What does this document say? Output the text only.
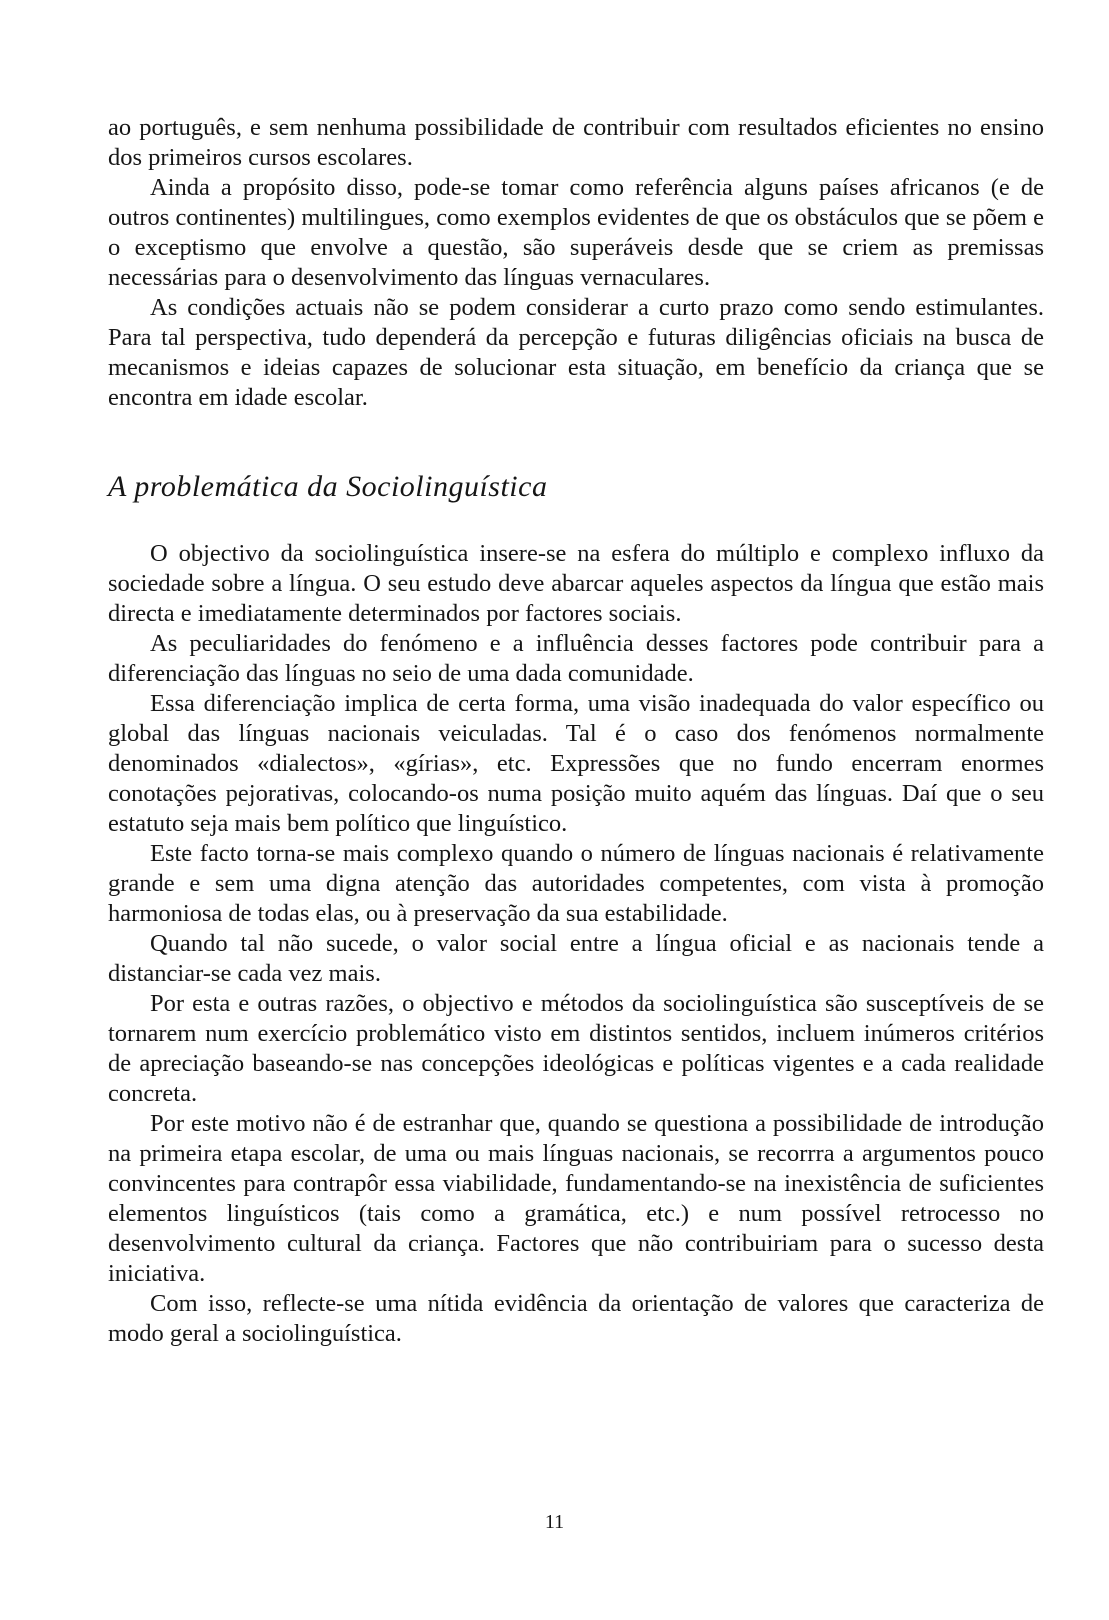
ao português, e sem nenhuma possibilidade de contribuir com resultados eficientes no ensino dos primeiros cursos escolares.

Ainda a propósito disso, pode-se tomar como referência alguns países africanos (e de outros continentes) multilingues, como exemplos evidentes de que os obstáculos que se põem e o exceptismo que envolve a questão, são superáveis desde que se criem as premissas necessárias para o desenvolvimento das línguas vernaculares.

As condições actuais não se podem considerar a curto prazo como sendo estimulantes. Para tal perspectiva, tudo dependerá da percepção e futuras diligências oficiais na busca de mecanismos e ideias capazes de solucionar esta situação, em benefício da criança que se encontra em idade escolar.

A problemática da Sociolinguística

O objectivo da sociolinguística insere-se na esfera do múltiplo e complexo influxo da sociedade sobre a língua. O seu estudo deve abarcar aqueles aspectos da língua que estão mais directa e imediatamente determinados por factores sociais.

As peculiaridades do fenómeno e a influência desses factores pode contribuir para a diferenciação das línguas no seio de uma dada comunidade.

Essa diferenciação implica de certa forma, uma visão inadequada do valor específico ou global das línguas nacionais veiculadas. Tal é o caso dos fenómenos normalmente denominados «dialectos», «gírias», etc. Expressões que no fundo encerram enormes conotações pejorativas, colocando-os numa posição muito aquém das línguas. Daí que o seu estatuto seja mais bem político que linguístico.

Este facto torna-se mais complexo quando o número de línguas nacionais é relativamente grande e sem uma digna atenção das autoridades competentes, com vista à promoção harmoniosa de todas elas, ou à preservação da sua estabilidade.

Quando tal não sucede, o valor social entre a língua oficial e as nacionais tende a distanciar-se cada vez mais.

Por esta e outras razões, o objectivo e métodos da sociolinguística são susceptíveis de se tornarem num exercício problemático visto em distintos sentidos, incluem inúmeros critérios de apreciação baseando-se nas concepções ideológicas e políticas vigentes e a cada realidade concreta.

Por este motivo não é de estranhar que, quando se questiona a possibilidade de introdução na primeira etapa escolar, de uma ou mais línguas nacionais, se recorrra a argumentos pouco convincentes para contrapôr essa viabilidade, fundamentando-se na inexistência de suficientes elementos linguísticos (tais como a gramática, etc.) e num possível retrocesso no desenvolvimento cultural da criança. Factores que não contribuiriam para o sucesso desta iniciativa.

Com isso, reflecte-se uma nítida evidência da orientação de valores que caracteriza de modo geral a sociolinguística.

11
